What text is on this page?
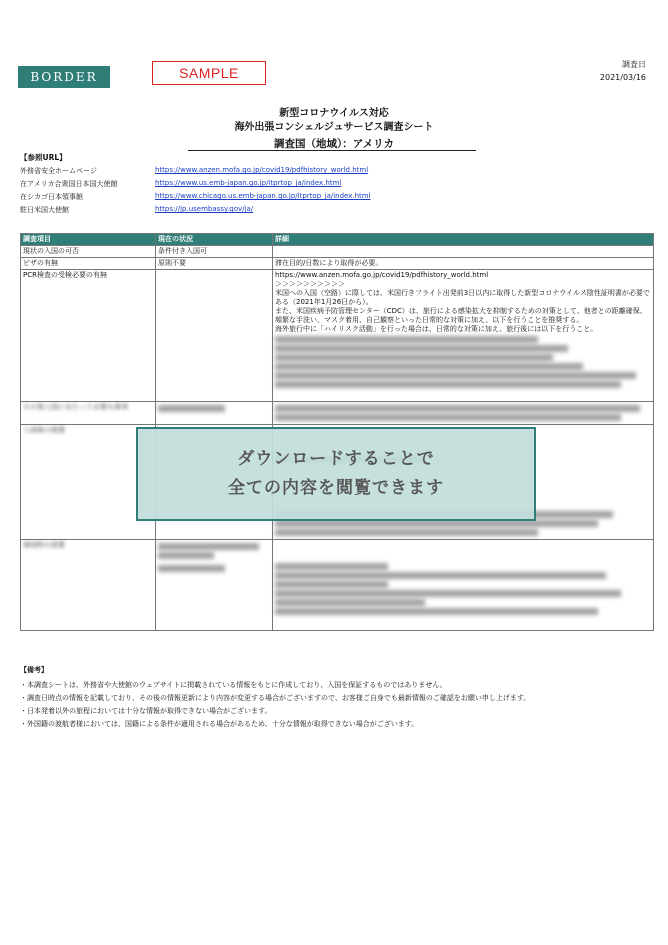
BORDER	SAMPLE
調査日
2021/03/16
新型コロナウイルス対応
海外出張コンシェルジュサービス調査シート
調査国（地域）：アメリカ
【参照URL】
外務省安全ホームページ	https://www.anzen.mofa.go.jp/covid19/pdfhistory_world.html
在アメリカ合衆国日本国大使館	https://www.us.emb-japan.go.jp/itprtop_ja/index.html
在シカゴ日本領事館	https://www.chicago.us.emb-japan.go.jp/itprtop_ja/index.html
駐日米国大使館	https://jp.usembassy.gov/ja/
調査項目	現在の状況	詳細
現状の入国の可否	条件付き入国可	
ビザの有無	原則不要	滞在目的/日数により取得が必要。
PCR検査の受検必要の有無		https://www.anzen.mofa.go.jp/covid19/pdfhistory_world.html
＞＞＞＞＞＞＞＞＞＞
米国への入国（空路）に際しては、米国行きフライト出発前3日以内に取得した新型コロナウイルス陰性証明書が必要である（2021年1月26日から）。
また、米国疾病予防管理センター（CDC）は、旅行による感染拡大を抑制するための対策として、他者との距離確保、頻繁な手洗い、マスク着用、自己観察といった日常的な対策に加え、以下を行うことを推奨する。
海外旅行中に「ハイリスク活動」を行った場合は、日常的な対策に加え、旅行後には以下を行うこと。

その他入国にあたって必要な事項	

入国後の措置		

帰国時の措置	

ダウンロードすることで
全ての内容を閲覧できます
【備考】
・本調査シートは、外務省や大使館のウェブサイトに掲載されている情報をもとに作成しており、入国を保証するものではありません。
・調査日時点の情報を記載しており、その後の情報更新により内容が変更する場合がございますので、お客様ご自身でも最新情報のご確認をお願い申し上げます。
・日本発着以外の旅程においては十分な情報が取得できない場合がございます。
・外国籍の渡航者様においては、国籍による条件が適用される場合があるため、十分な情報が取得できない場合がございます。
